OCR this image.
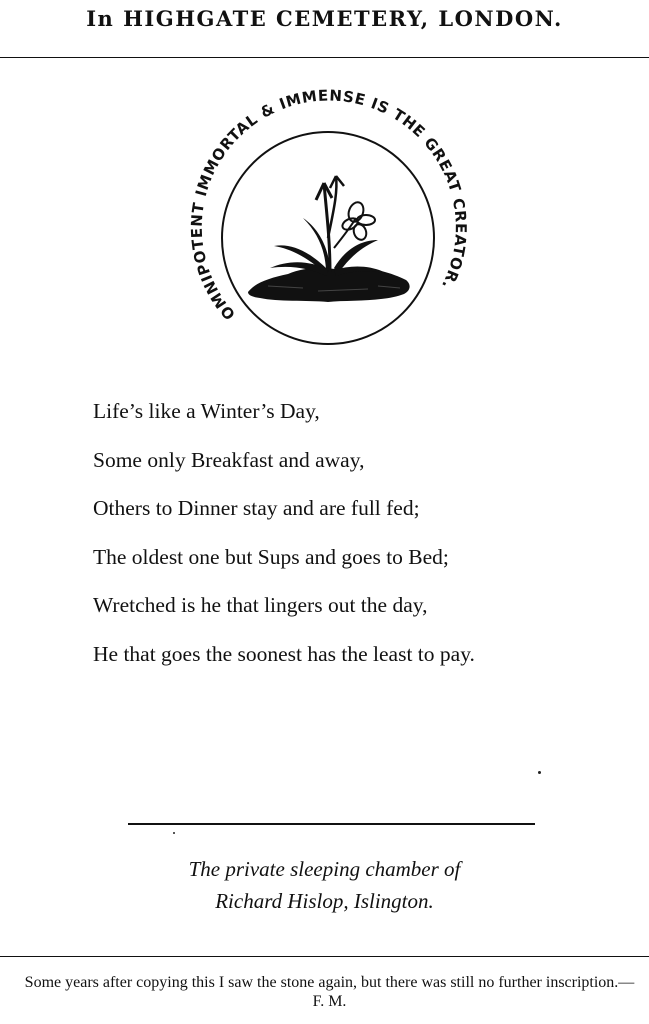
In HIGHGATE CEMETERY, LONDON.
OMNIPOTENT IMMORTAL & IMMENSE IS THE GREAT CREATOR.
Life’s like a Winter’s Day,
Some only Breakfast and away,
Others to Dinner stay and are full fed;
The oldest one but Sups and goes to Bed;
Wretched is he that lingers out the day,
He that goes the soonest has the least to pay.
The private sleeping chamber of
Richard Hislop, Islington.
Some years after copying this I saw the stone again, but there was still no further inscription.—F. M.
